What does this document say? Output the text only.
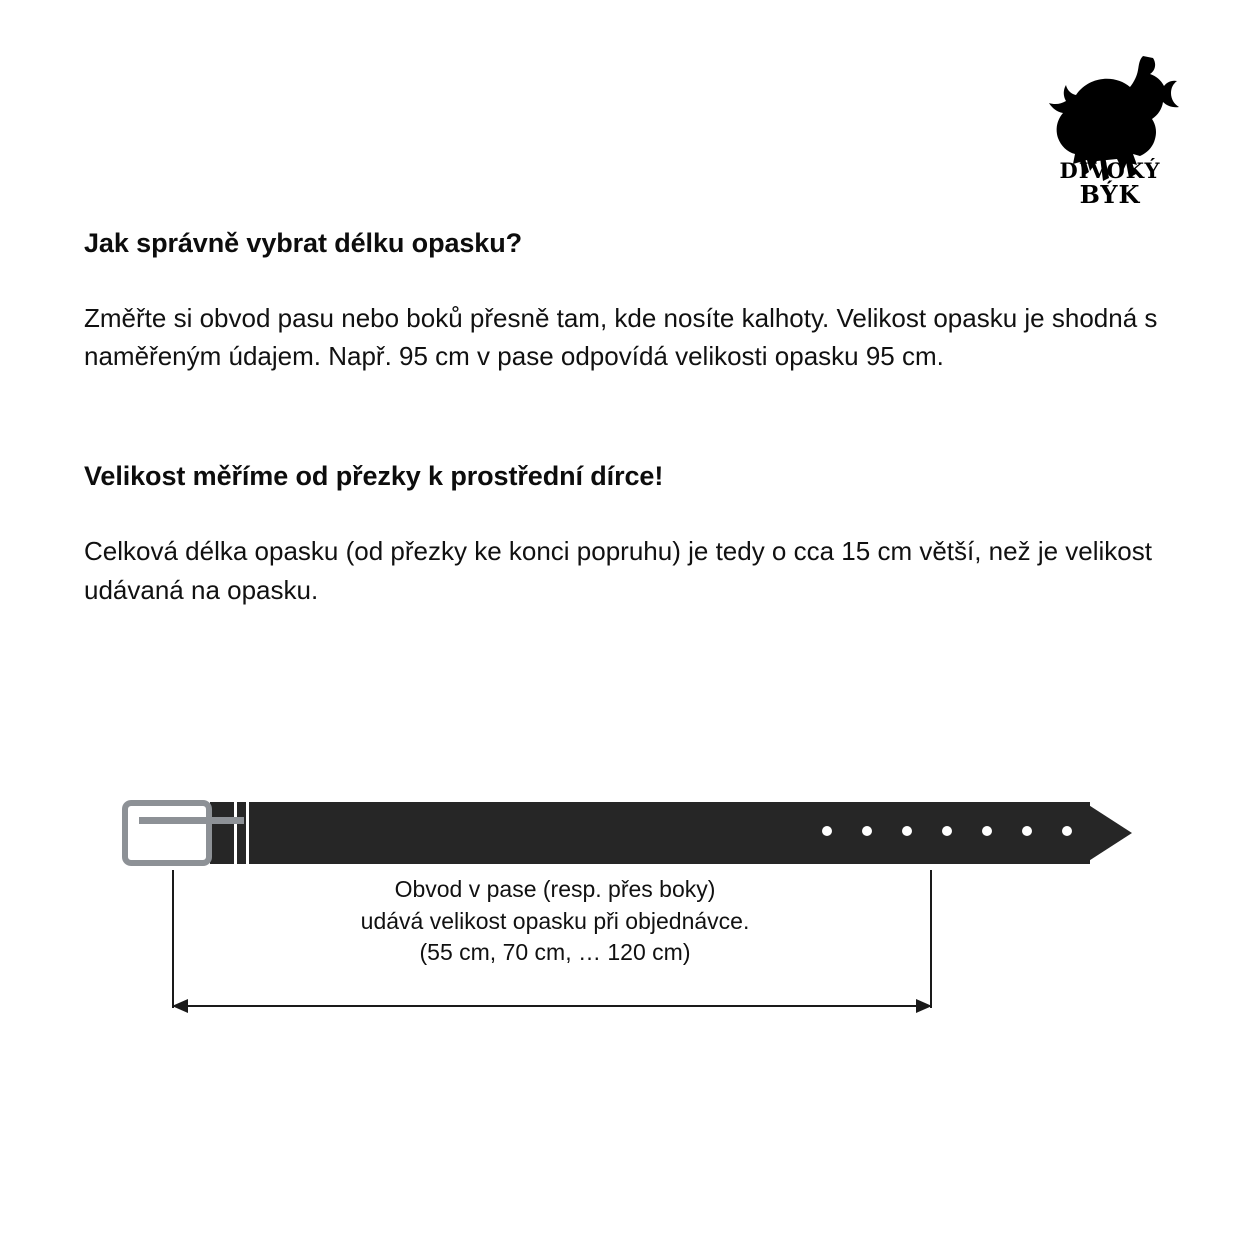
DIVOKÝ
BÝK
Jak správně vybrat délku opasku?

Změřte si obvod pasu nebo boků přesně tam, kde nosíte kalhoty. Velikost opasku je shodná s naměřeným údajem. Např. 95 cm v pase odpovídá velikosti opasku 95 cm.

Velikost měříme od přezky k prostřední dírce!

Celková délka opasku (od přezky ke konci popruhu) je tedy o cca 15 cm větší, než je velikost udávaná na opasku.

Obvod v pase (resp. přes boky)
udává velikost opasku při objednávce.
(55 cm, 70 cm, … 120 cm)
